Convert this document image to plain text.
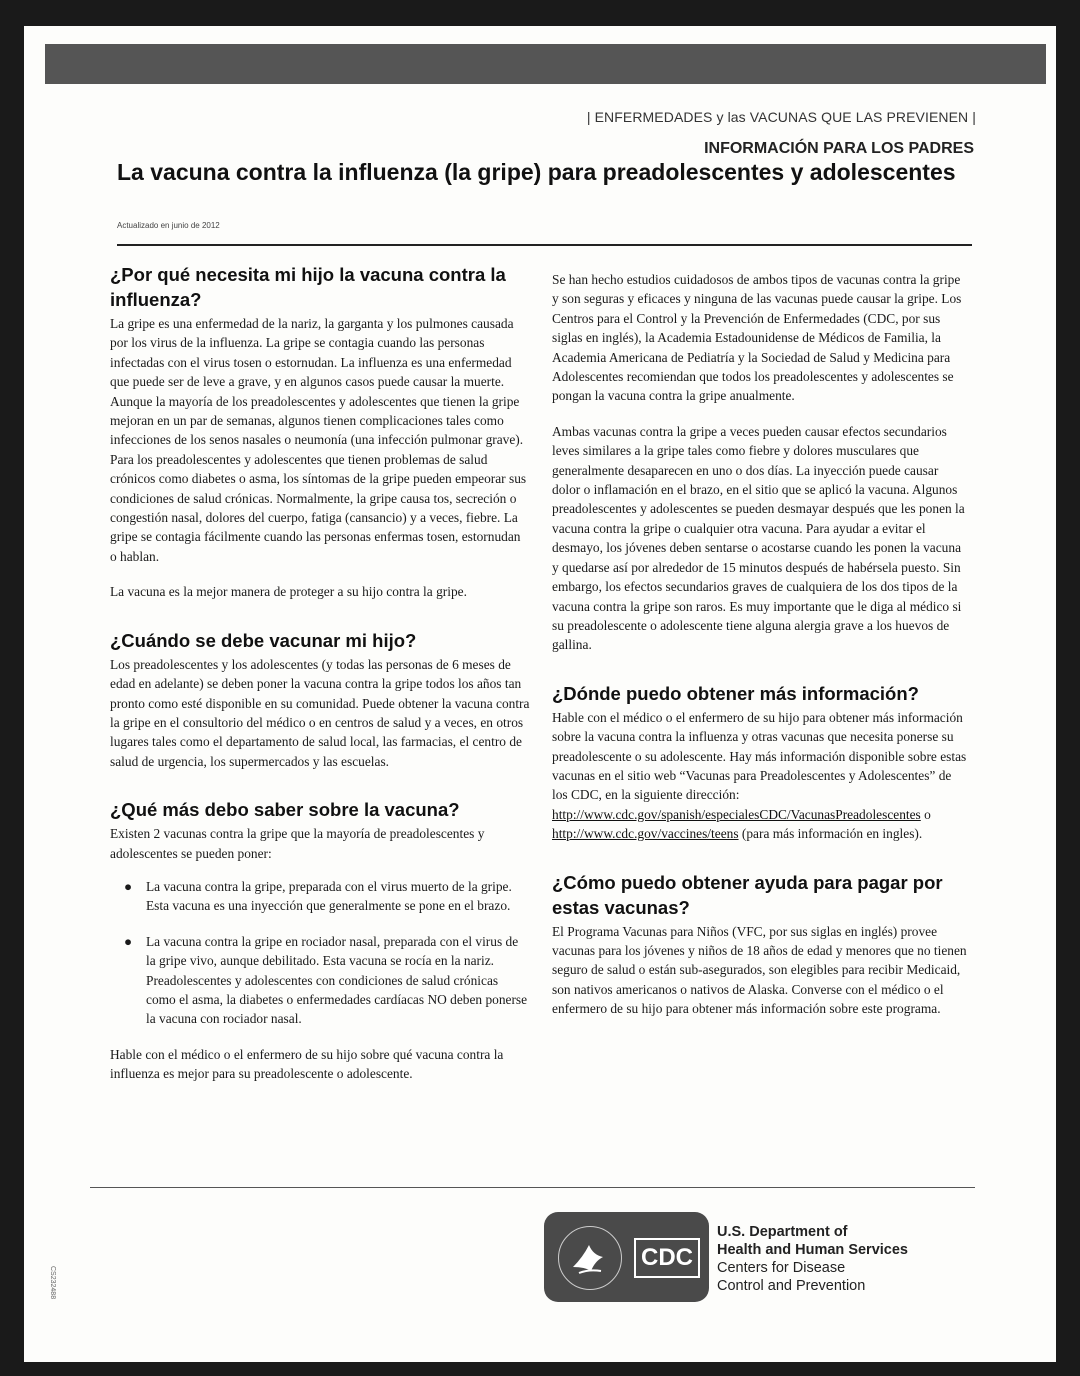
| ENFERMEDADES y las VACUNAS QUE LAS PREVIENEN |
INFORMACIÓN PARA LOS PADRES
La vacuna contra la influenza (la gripe) para preadolescentes y adolescentes
Actualizado en junio de 2012
¿Por qué necesita mi hijo la vacuna contra la influenza?

La gripe es una enfermedad de la nariz, la garganta y los pulmones causada por los virus de la influenza. La gripe se contagia cuando las personas infectadas con el virus tosen o estornudan. La influenza es una enfermedad que puede ser de leve a grave, y en algunos casos puede causar la muerte. Aunque la mayoría de los preadolescentes y adolescentes que tienen la gripe mejoran en un par de semanas, algunos tienen complicaciones tales como infecciones de los senos nasales o neumonía (una infección pulmonar grave). Para los preadolescentes y adolescentes que tienen problemas de salud crónicos como diabetes o asma, los síntomas de la gripe pueden empeorar sus condiciones de salud crónicas. Normalmente, la gripe causa tos, secreción o congestión nasal, dolores del cuerpo, fatiga (cansancio) y a veces, fiebre. La gripe se contagia fácilmente cuando las personas enfermas tosen, estornudan o hablan.

La vacuna es la mejor manera de proteger a su hijo contra la gripe.

¿Cuándo se debe vacunar mi hijo?

Los preadolescentes y los adolescentes (y todas las personas de 6 meses de edad en adelante) se deben poner la vacuna contra la gripe todos los años tan pronto como esté disponible en su comunidad. Puede obtener la vacuna contra la gripe en el consultorio del médico o en centros de salud y a veces, en otros lugares tales como el departamento de salud local, las farmacias, el centro de salud de urgencia, los supermercados y las escuelas.

¿Qué más debo saber sobre la vacuna?

Existen 2 vacunas contra la gripe que la mayoría de preadolescentes y adolescentes se pueden poner:

● La vacuna contra la gripe, preparada con el virus muerto de la gripe. Esta vacuna es una inyección que generalmente se pone en el brazo.
● La vacuna contra la gripe en rociador nasal, preparada con el virus de la gripe vivo, aunque debilitado. Esta vacuna se rocía en la nariz. Preadolescentes y adolescentes con condiciones de salud crónicas como el asma, la diabetes o enfermedades cardíacas NO deben ponerse la vacuna con rociador nasal.

Hable con el médico o el enfermero de su hijo sobre qué vacuna contra la influenza es mejor para su preadolescente o adolescente.

Se han hecho estudios cuidadosos de ambos tipos de vacunas contra la gripe y son seguras y eficaces y ninguna de las vacunas puede causar la gripe. Los Centros para el Control y la Prevención de Enfermedades (CDC, por sus siglas en inglés), la Academia Estadounidense de Médicos de Familia, la Academia Americana de Pediatría y la Sociedad de Salud y Medicina para Adolescentes recomiendan que todos los preadolescentes y adolescentes se pongan la vacuna contra la gripe anualmente.

Ambas vacunas contra la gripe a veces pueden causar efectos secundarios leves similares a la gripe tales como fiebre y dolores musculares que generalmente desaparecen en uno o dos días. La inyección puede causar dolor o inflamación en el brazo, en el sitio que se aplicó la vacuna. Algunos preadolescentes y adolescentes se pueden desmayar después que les ponen la vacuna contra la gripe o cualquier otra vacuna. Para ayudar a evitar el desmayo, los jóvenes deben sentarse o acostarse cuando les ponen la vacuna y quedarse así por alrededor de 15 minutos después de habérsela puesto. Sin embargo, los efectos secundarios graves de cualquiera de los dos tipos de la vacuna contra la gripe son raros. Es muy importante que le diga al médico si su preadolescente o adolescente tiene alguna alergia grave a los huevos de gallina.

¿Dónde puedo obtener más información?

Hable con el médico o el enfermero de su hijo para obtener más información sobre la vacuna contra la influenza y otras vacunas que necesita ponerse su preadolescente o su adolescente. Hay más información disponible sobre estas vacunas en el sitio web “Vacunas para Preadolescentes y Adolescentes” de los CDC, en la siguiente dirección: http://www.cdc.gov/spanish/especialesCDC/VacunasPreadolescentes o http://www.cdc.gov/vaccines/teens (para más información en ingles).

¿Cómo puedo obtener ayuda para pagar por estas vacunas?

El Programa Vacunas para Niños (VFC, por sus siglas en inglés) provee vacunas para los jóvenes y niños de 18 años de edad y menores que no tienen seguro de salud o están sub-asegurados, son elegibles para recibir Medicaid, son nativos americanos o nativos de Alaska. Converse con el médico o el enfermero de su hijo para obtener más información sobre este programa.

CDC
U.S. Department of
Health and Human Services
Centers for Disease
Control and Prevention
CS232488
